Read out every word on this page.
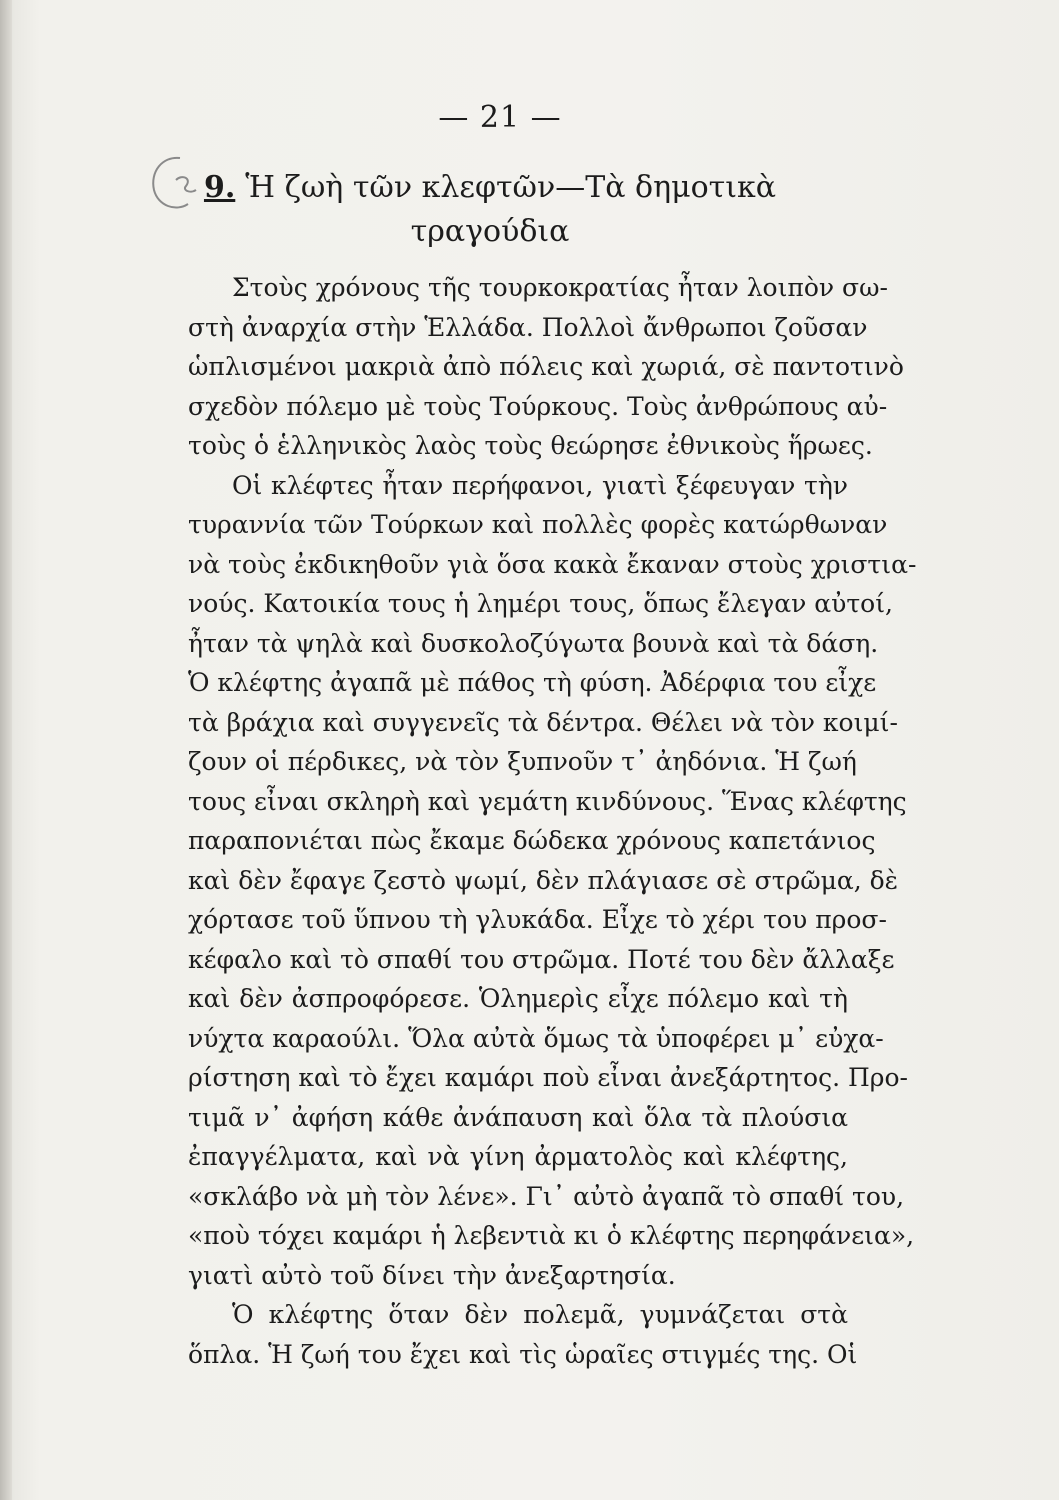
— 21 —
9. Ἡ ζωὴ τῶν κλεφτῶν—Τὰ δημοτικὰ
τραγούδια
Στοὺς χρόνους τῆς τουρκοκρατίας ἦταν λοιπὸν σω-
στὴ ἀναρχία στὴν Ἑλλάδα. Πολλοὶ ἄνθρωποι ζοῦσαν
ὡπλισμένοι μακριὰ ἀπὸ πόλεις καὶ χωριά, σὲ παντοτινὸ
σχεδὸν πόλεμο μὲ τοὺς Τούρκους. Τοὺς ἀνθρώπους αὐ-
τοὺς ὁ ἑλληνικὸς λαὸς τοὺς θεώρησε ἐθνικοὺς ἥρωες.
Οἱ κλέφτες ἦταν περήφανοι, γιατὶ ξέφευγαν τὴν
τυραννία τῶν Τούρκων καὶ πολλὲς φορὲς κατώρθωναν
νὰ τοὺς ἐκδικηθοῦν γιὰ ὅσα κακὰ ἔκαναν στοὺς χριστια-
νούς. Κατοικία τους ἡ λημέρι τους, ὅπως ἔλεγαν αὐτοί,
ἦταν τὰ ψηλὰ καὶ δυσκολοζύγωτα βουνὰ καὶ τὰ δάση.
Ὁ κλέφτης ἀγαπᾶ μὲ πάθος τὴ φύση. Ἀδέρφια του εἶχε
τὰ βράχια καὶ συγγενεῖς τὰ δέντρα. Θέλει νὰ τὸν κοιμί-
ζουν οἱ πέρδικες, νὰ τὸν ξυπνοῦν τ᾿ ἀηδόνια. Ἡ ζωή
τους εἶναι σκληρὴ καὶ γεμάτη κινδύνους. Ἕνας κλέφτης
παραπονιέται πὼς ἔκαμε δώδεκα χρόνους καπετάνιος
καὶ δὲν ἔφαγε ζεστὸ ψωμί, δὲν πλάγιασε σὲ στρῶμα, δὲ
χόρτασε τοῦ ὕπνου τὴ γλυκάδα. Εἶχε τὸ χέρι του προσ-
κέφαλο καὶ τὸ σπαθί του στρῶμα. Ποτέ του δὲν ἄλλαξε
καὶ δὲν ἀσπροφόρεσε. Ὁλημερὶς εἶχε πόλεμο καὶ τὴ
νύχτα καραούλι. Ὅλα αὐτὰ ὅμως τὰ ὑποφέρει μ᾿ εὐχα-
ρίστηση καὶ τὸ ἔχει καμάρι ποὺ εἶναι ἀνεξάρτητος. Προ-
τιμᾶ ν᾿ ἀφήση κάθε ἀνάπαυση καὶ ὅλα τὰ πλούσια
ἐπαγγέλματα, καὶ νὰ γίνη ἀρματολὸς καὶ κλέφτης,
«σκλάβο νὰ μὴ τὸν λένε». Γι᾿ αὐτὸ ἀγαπᾶ τὸ σπαθί του,
«ποὺ τόχει καμάρι ἡ λεβεντιὰ κι ὁ κλέφτης περηφάνεια»,
γιατὶ αὐτὸ τοῦ δίνει τὴν ἀνεξαρτησία.
Ὁ κλέφτης ὅταν δὲν πολεμᾶ, γυμνάζεται στὰ
ὅπλα. Ἡ ζωή του ἔχει καὶ τὶς ὡραῖες στιγμές της. Οἱ
